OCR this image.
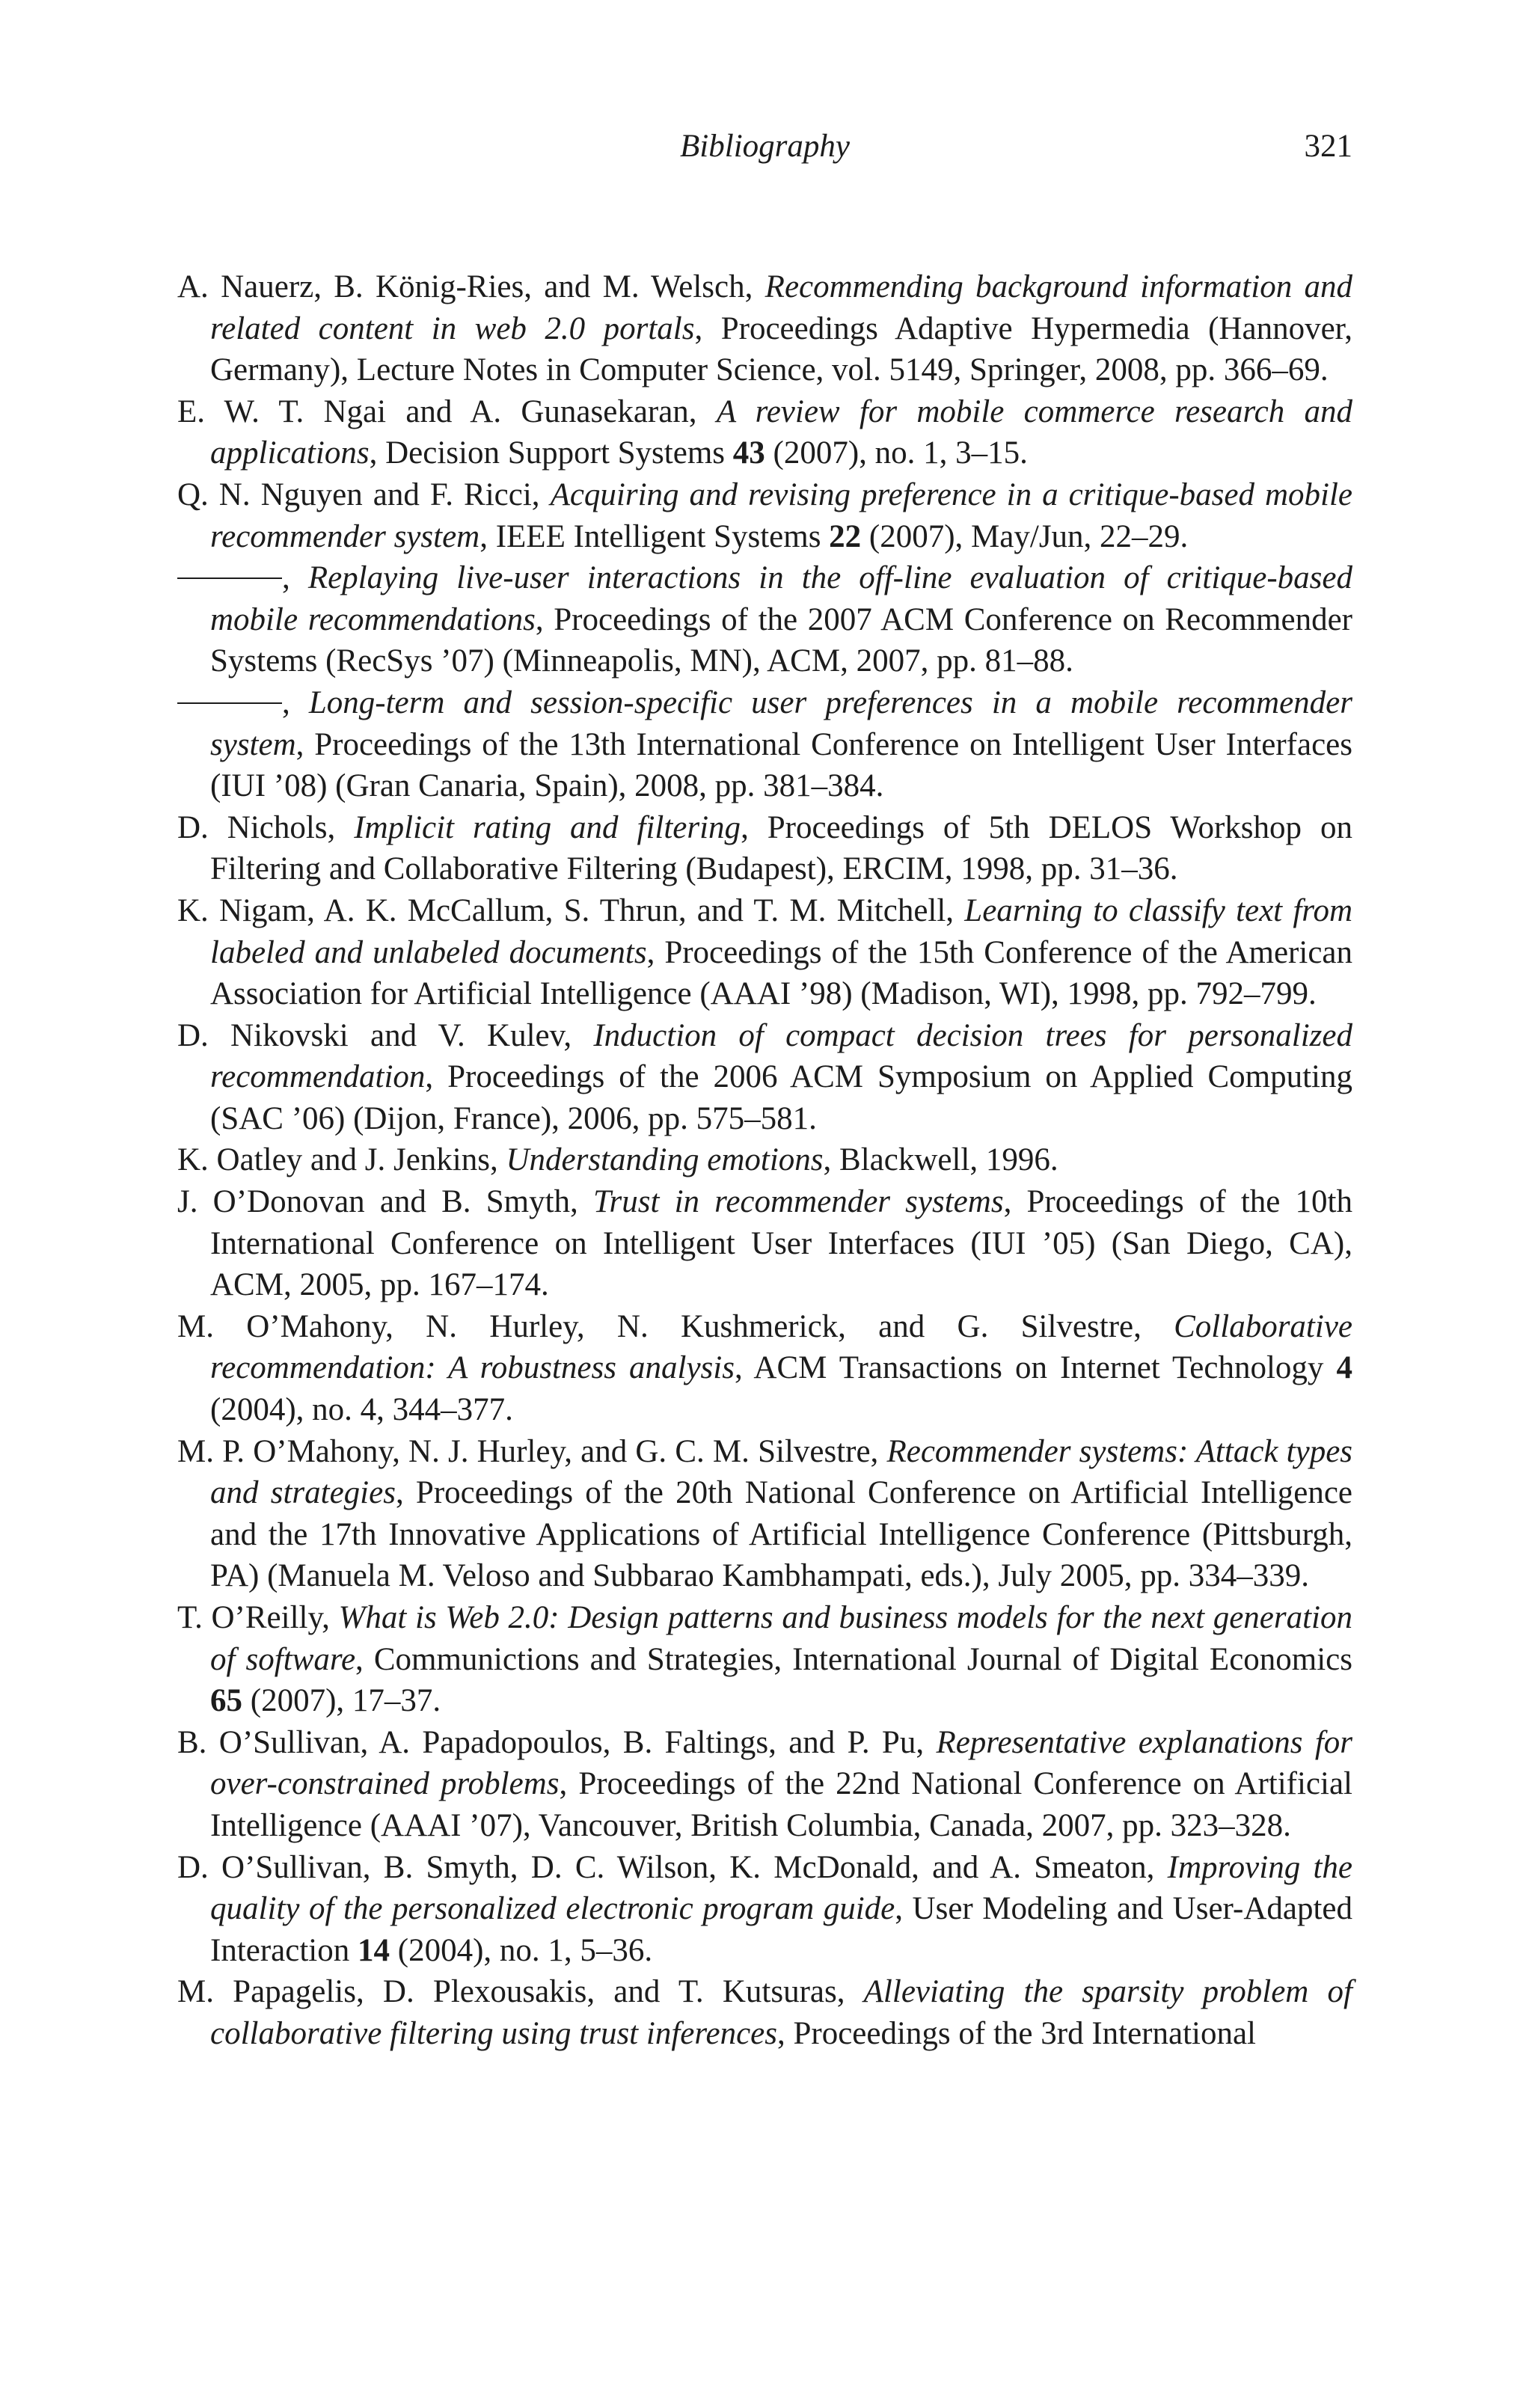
Bibliography	321

A. Nauerz, B. König-Ries, and M. Welsch, Recommending background information and related content in web 2.0 portals, Proceedings Adaptive Hypermedia (Hannover, Germany), Lecture Notes in Computer Science, vol. 5149, Springer, 2008, pp. 366–69.

E. W. T. Ngai and A. Gunasekaran, A review for mobile commerce research and applications, Decision Support Systems 43 (2007), no. 1, 3–15.

Q. N. Nguyen and F. Ricci, Acquiring and revising preference in a critique-based mobile recommender system, IEEE Intelligent Systems 22 (2007), May/Jun, 22–29.

, Replaying live-user interactions in the off-line evaluation of critique-based mobile recommendations, Proceedings of the 2007 ACM Conference on Recommender Systems (RecSys ’07) (Minneapolis, MN), ACM, 2007, pp. 81–88.

, Long-term and session-specific user preferences in a mobile recommender system, Proceedings of the 13th International Conference on Intelligent User Interfaces (IUI ’08) (Gran Canaria, Spain), 2008, pp. 381–384.

D. Nichols, Implicit rating and filtering, Proceedings of 5th DELOS Workshop on Filtering and Collaborative Filtering (Budapest), ERCIM, 1998, pp. 31–36.

K. Nigam, A. K. McCallum, S. Thrun, and T. M. Mitchell, Learning to classify text from labeled and unlabeled documents, Proceedings of the 15th Conference of the American Association for Artificial Intelligence (AAAI ’98) (Madison, WI), 1998, pp. 792–799.

D. Nikovski and V. Kulev, Induction of compact decision trees for personalized recommendation, Proceedings of the 2006 ACM Symposium on Applied Computing (SAC ’06) (Dijon, France), 2006, pp. 575–581.

K. Oatley and J. Jenkins, Understanding emotions, Blackwell, 1996.

J. O’Donovan and B. Smyth, Trust in recommender systems, Proceedings of the 10th International Conference on Intelligent User Interfaces (IUI ’05) (San Diego, CA), ACM, 2005, pp. 167–174.

M. O’Mahony, N. Hurley, N. Kushmerick, and G. Silvestre, Collaborative recommendation: A robustness analysis, ACM Transactions on Internet Technology 4 (2004), no. 4, 344–377.

M. P. O’Mahony, N. J. Hurley, and G. C. M. Silvestre, Recommender systems: Attack types and strategies, Proceedings of the 20th National Conference on Artificial Intelligence and the 17th Innovative Applications of Artificial Intelligence Conference (Pittsburgh, PA) (Manuela M. Veloso and Subbarao Kambhampati, eds.), July 2005, pp. 334–339.

T. O’Reilly, What is Web 2.0: Design patterns and business models for the next generation of software, Communictions and Strategies, International Journal of Digital Economics 65 (2007), 17–37.

B. O’Sullivan, A. Papadopoulos, B. Faltings, and P. Pu, Representative explanations for over-constrained problems, Proceedings of the 22nd National Conference on Artificial Intelligence (AAAI ’07), Vancouver, British Columbia, Canada, 2007, pp. 323–328.

D. O’Sullivan, B. Smyth, D. C. Wilson, K. McDonald, and A. Smeaton, Improving the quality of the personalized electronic program guide, User Modeling and User-Adapted Interaction 14 (2004), no. 1, 5–36.

M. Papagelis, D. Plexousakis, and T. Kutsuras, Alleviating the sparsity problem of collaborative filtering using trust inferences, Proceedings of the 3rd International
